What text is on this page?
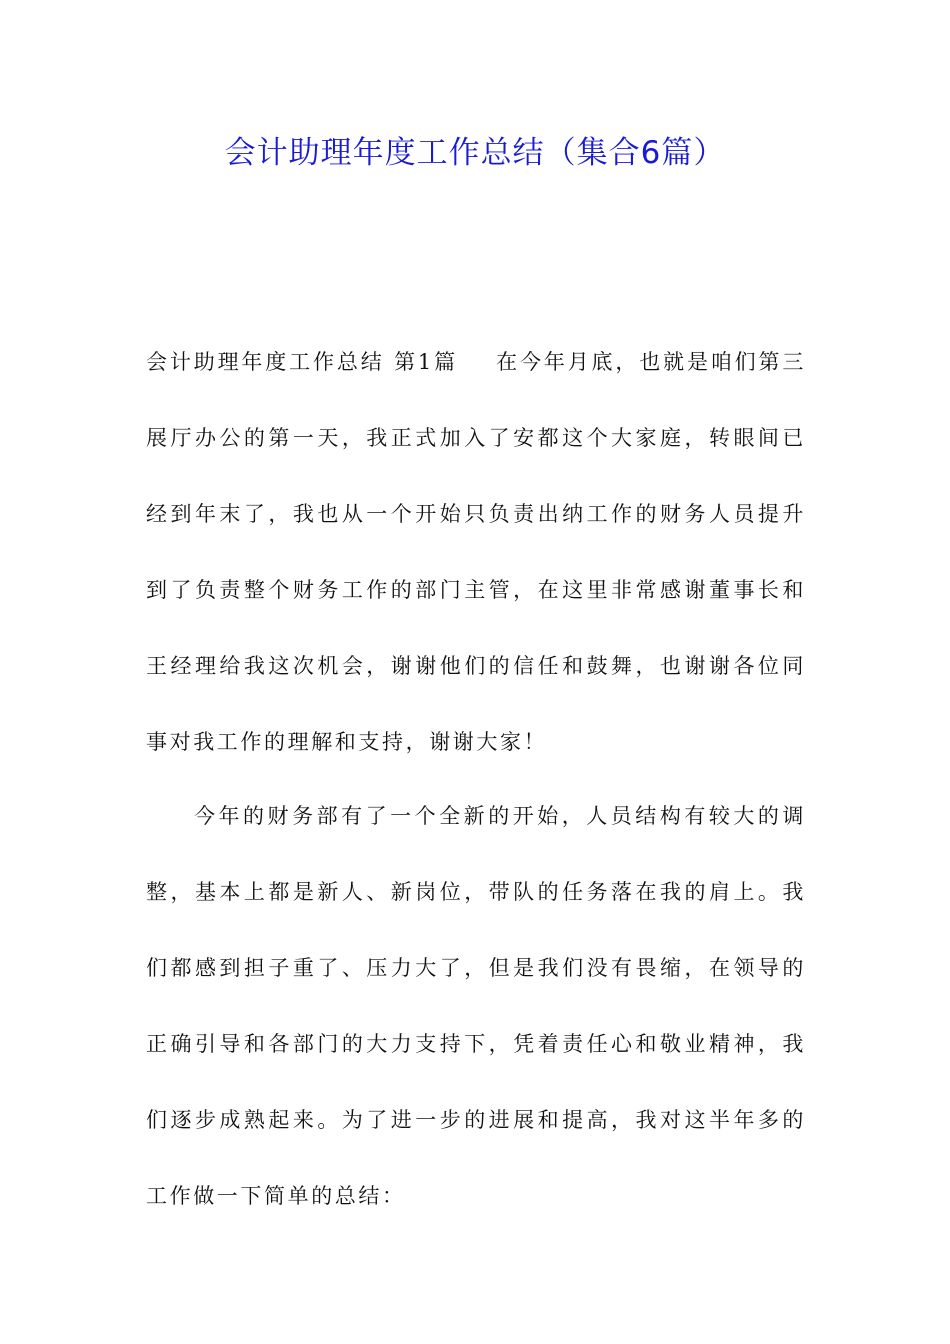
会计助理年度工作总结（集合6篇）

会计助理年度工作总结 第1篇    在今年月底，也就是咱们第三展厅办公的第一天，我正式加入了安都这个大家庭，转眼间已经到年末了，我也从一个开始只负责出纳工作的财务人员提升到了负责整个财务工作的部门主管，在这里非常感谢董事长和王经理给我这次机会，谢谢他们的信任和鼓舞，也谢谢各位同事对我工作的理解和支持，谢谢大家！

今年的财务部有了一个全新的开始，人员结构有较大的调整，基本上都是新人、新岗位，带队的任务落在我的肩上。我们都感到担子重了、压力大了，但是我们没有畏缩，在领导的正确引导和各部门的大力支持下，凭着责任心和敬业精神，我们逐步成熟起来。为了进一步的进展和提高，我对这半年多的工作做一下简单的总结：
